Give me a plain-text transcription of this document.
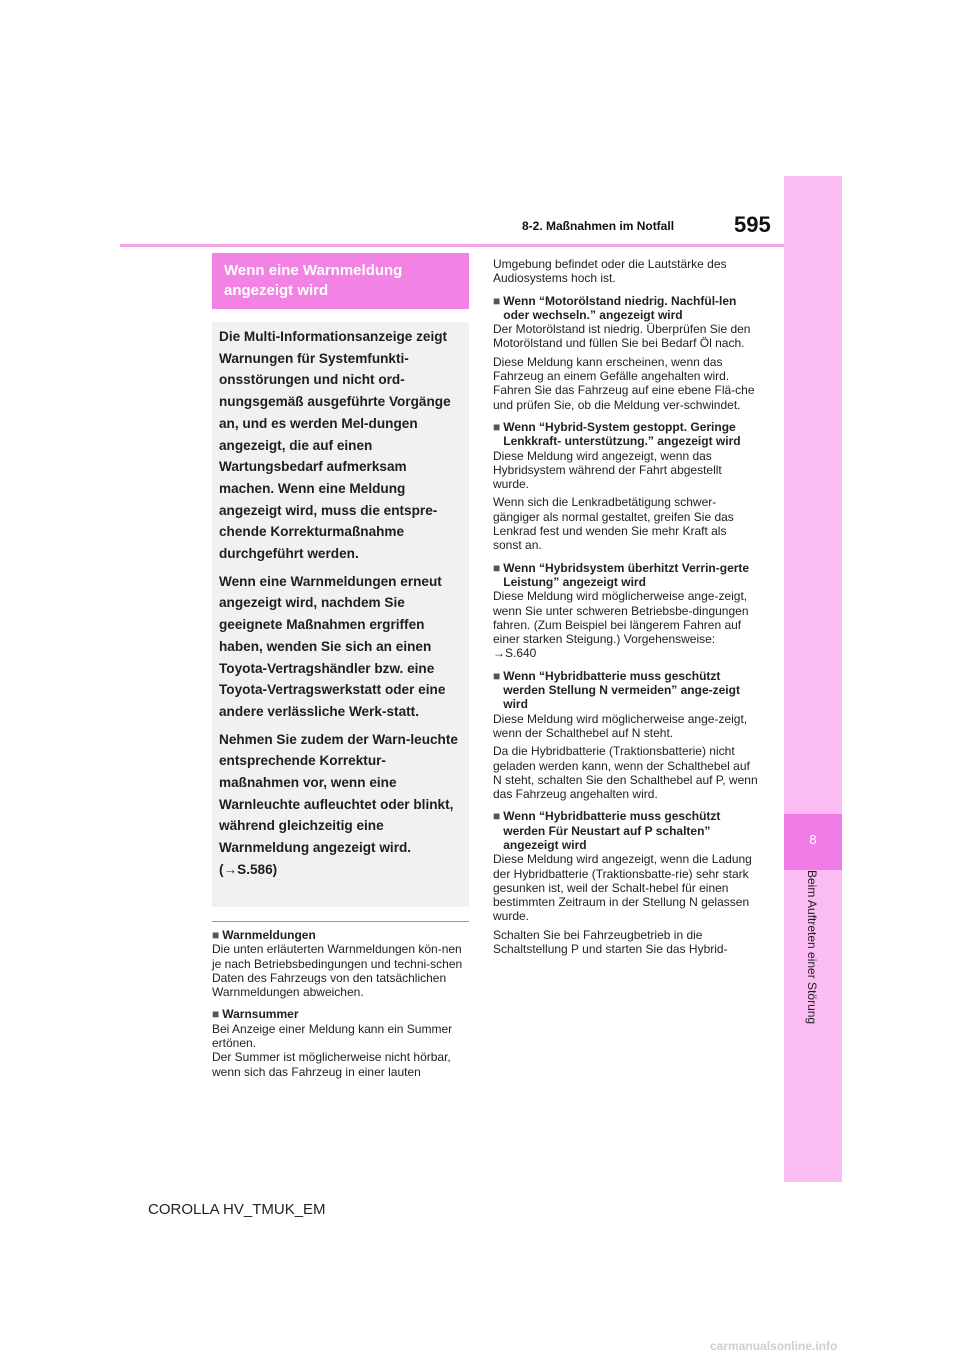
595
8-2. Maßnahmen im Notfall
8
Beim Auftreten einer Störung
Wenn eine Warnmeldung
angezeigt wird

Die Multi-Informationsanzeige zeigt Warnungen für Systemfunkti-onsstörungen und nicht ord-nungsgemäß ausgeführte Vorgänge an, und es werden Mel-dungen angezeigt, die auf einen Wartungsbedarf aufmerksam machen. Wenn eine Meldung angezeigt wird, muss die entspre-chende Korrekturmaßnahme durchgeführt werden.

Wenn eine Warnmeldungen erneut angezeigt wird, nachdem Sie geeignete Maßnahmen ergriffen haben, wenden Sie sich an einen Toyota-Vertragshändler bzw. eine Toyota-Vertragswerkstatt oder eine andere verlässliche Werk-statt.

Nehmen Sie zudem der Warn-leuchte entsprechende Korrektur-maßnahmen vor, wenn eine Warnleuchte aufleuchtet oder blinkt, während gleichzeitig eine Warnmeldung angezeigt wird. (→S.586)

■ Warnmeldungen
Die unten erläuterten Warnmeldungen kön-nen je nach Betriebsbedingungen und techni-schen Daten des Fahrzeugs von den tatsächlichen Warnmeldungen abweichen.
■ Warnsummer
Bei Anzeige einer Meldung kann ein Summer ertönen.
Der Summer ist möglicherweise nicht hörbar, wenn sich das Fahrzeug in einer lauten
Umgebung befindet oder die Lautstärke des Audiosystems hoch ist.
■ Wenn “Motorölstand niedrig. Nachfül-len oder wechseln.” angezeigt wird
Der Motorölstand ist niedrig. Überprüfen Sie den Motorölstand und füllen Sie bei Bedarf Öl nach.
Diese Meldung kann erscheinen, wenn das Fahrzeug an einem Gefälle angehalten wird. Fahren Sie das Fahrzeug auf eine ebene Flä-che und prüfen Sie, ob die Meldung ver-schwindet.
■ Wenn “Hybrid-System gestoppt. Geringe Lenkkraft- unterstützung.” angezeigt wird
Diese Meldung wird angezeigt, wenn das Hybridsystem während der Fahrt abgestellt wurde.
Wenn sich die Lenkradbetätigung schwer-gängiger als normal gestaltet, greifen Sie das Lenkrad fest und wenden Sie mehr Kraft als sonst an.
■ Wenn “Hybridsystem überhitzt Verrin-gerte Leistung” angezeigt wird
Diese Meldung wird möglicherweise ange-zeigt, wenn Sie unter schweren Betriebsbe-dingungen fahren. (Zum Beispiel bei längerem Fahren auf einer starken Steigung.) Vorgehensweise: →S.640
■ Wenn “Hybridbatterie muss geschützt werden Stellung N vermeiden” ange-zeigt wird
Diese Meldung wird möglicherweise ange-zeigt, wenn der Schalthebel auf N steht.
Da die Hybridbatterie (Traktionsbatterie) nicht geladen werden kann, wenn der Schalthebel auf N steht, schalten Sie den Schalthebel auf P, wenn das Fahrzeug angehalten wird.
■ Wenn “Hybridbatterie muss geschützt werden Für Neustart auf P schalten” angezeigt wird
Diese Meldung wird angezeigt, wenn die Ladung der Hybridbatterie (Traktionsbatte-rie) sehr stark gesunken ist, weil der Schalt-hebel für einen bestimmten Zeitraum in der Stellung N gelassen wurde.
Schalten Sie bei Fahrzeugbetrieb in die Schaltstellung P und starten Sie das Hybrid-
COROLLA HV_TMUK_EM
carmanualsonline.info
